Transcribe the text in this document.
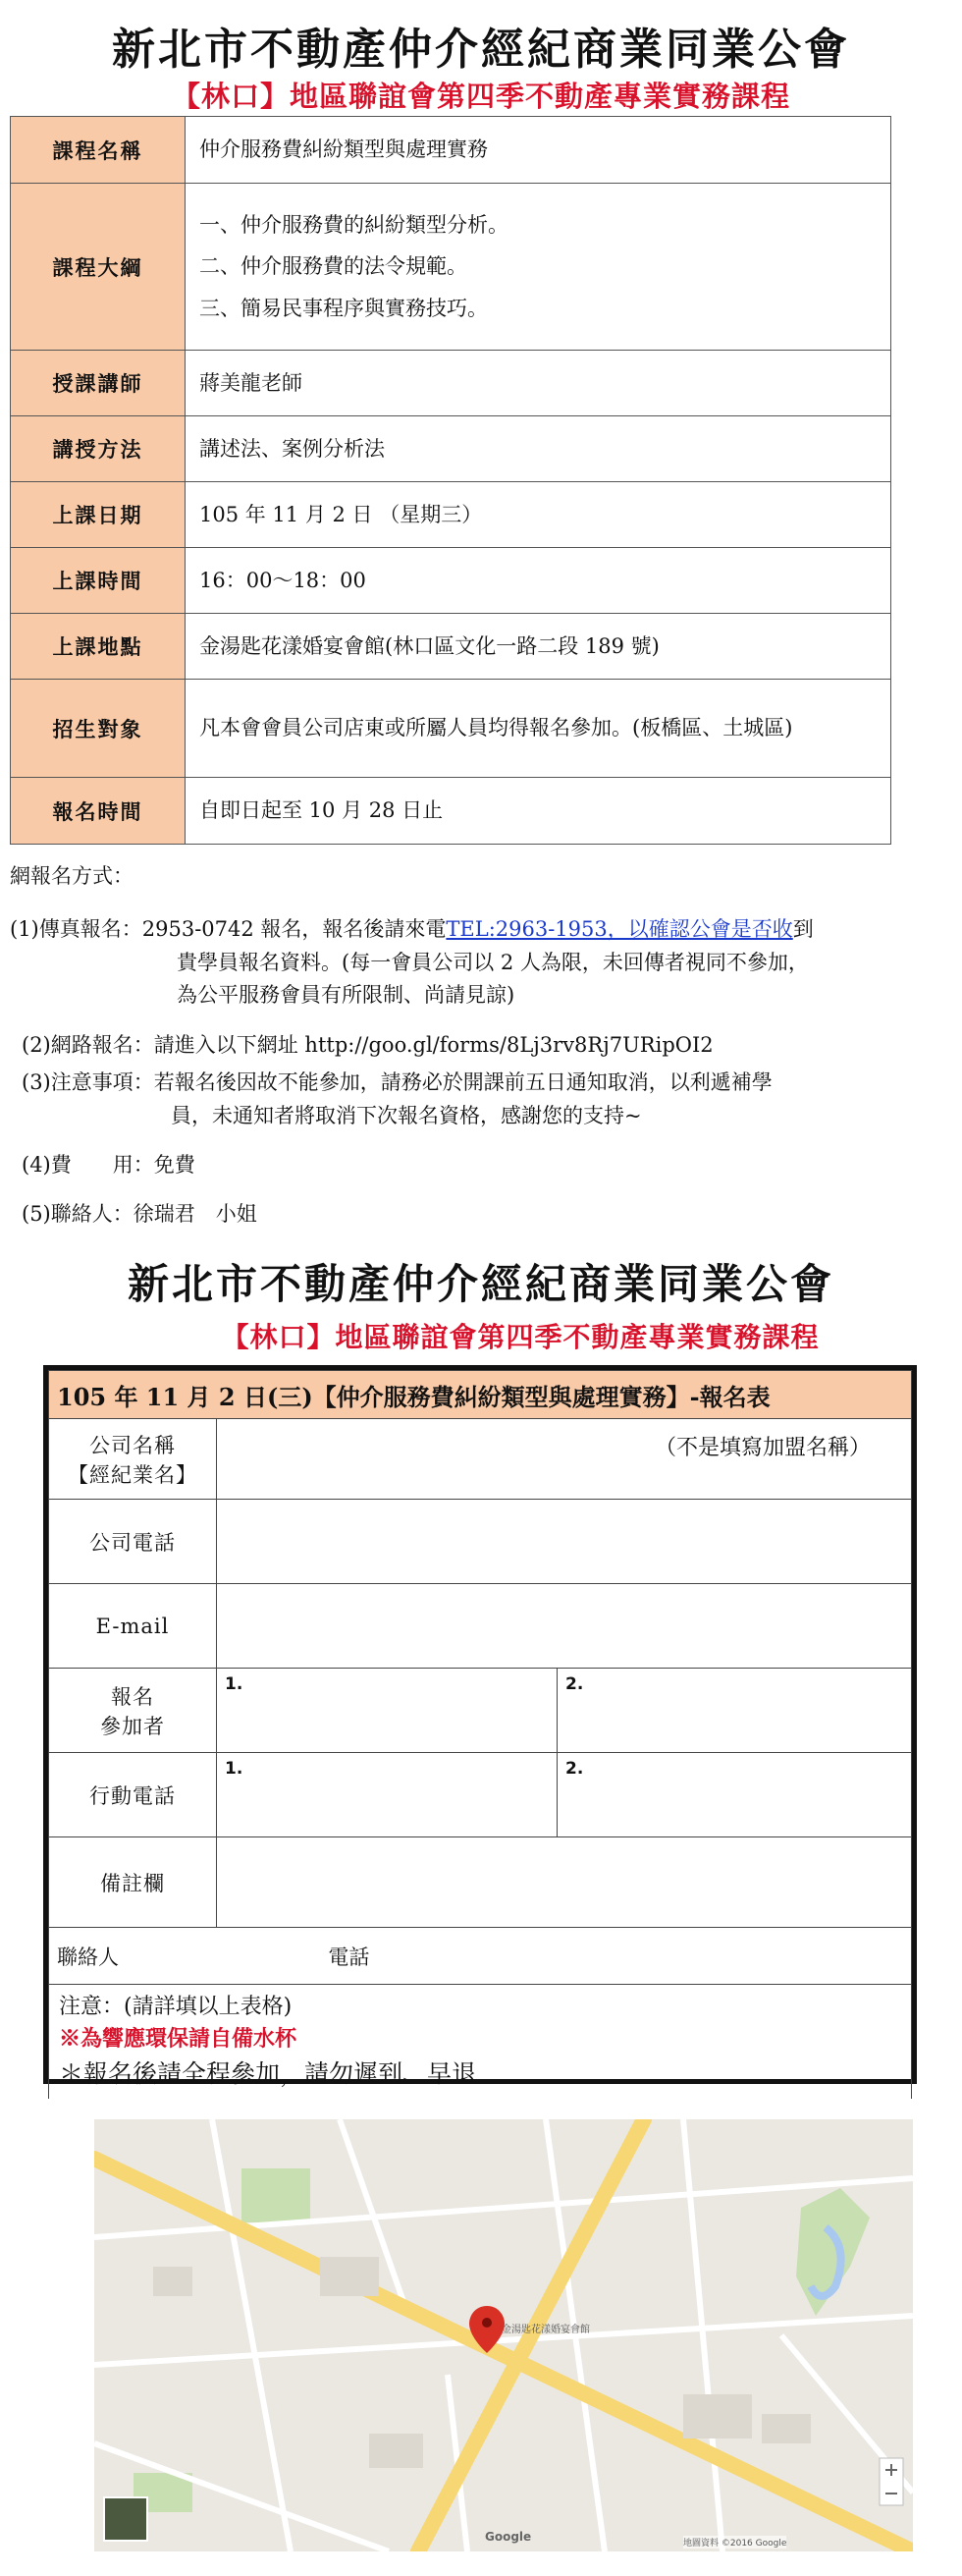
新北市不動產仲介經紀商業同業公會
【林口】地區聯誼會第四季不動產專業實務課程
課程名稱	仲介服務費糾紛類型與處理實務
課程大綱	一、仲介服務費的糾紛類型分析。
二、仲介服務費的法令規範。
三、簡易民事程序與實務技巧。

授課講師	蔣美龍老師
講授方法	講述法、案例分析法
上課日期	105 年 11 月 2 日 （星期三）
上課時間	16：00～18：00
上課地點	金湯匙花漾婚宴會館(林口區文化一路二段 189 號)
招生對象	凡本會會員公司店東或所屬人員均得報名參加。(板橋區、土城區)
報名時間	自即日起至 10 月 28 日止
網報名方式：
(1)傳真報名：2953-0742 報名，報名後請來電TEL:2963-1953，以確認公會是否收到
貴學員報名資料。(每一會員公司以 2 人為限，未回傳者視同不參加，
為公平服務會員有所限制、尚請見諒)
(2)網路報名：請進入以下網址 http://goo.gl/forms/8Lj3rv8Rj7URipOI2
(3)注意事項：若報名後因故不能參加，請務必於開課前五日通知取消，以利遞補學
員，未通知者將取消下次報名資格，感謝您的支持~
(4)費　　用：免費
(5)聯絡人：徐瑞君　小姐
新北市不動產仲介經紀商業同業公會
【林口】地區聯誼會第四季不動產專業實務課程
105 年 11 月 2 日(三)【仲介服務費糾紛類型與處理實務】-報名表		

公司名稱
【經紀業名】	（不是填寫加盟名稱）	

公司電話		
E-mail		

報名
參加者	1.	2.
行動電話	1.	2.
備註欄		
聯絡人 電話		

注意：(請詳填以上表格)
※為響應環保請自備水杯
＊報名後請全程參加，請勿遲到、早退		
金湯匙花漾婚宴會館
Google	地圖資料 ©2016 Google
